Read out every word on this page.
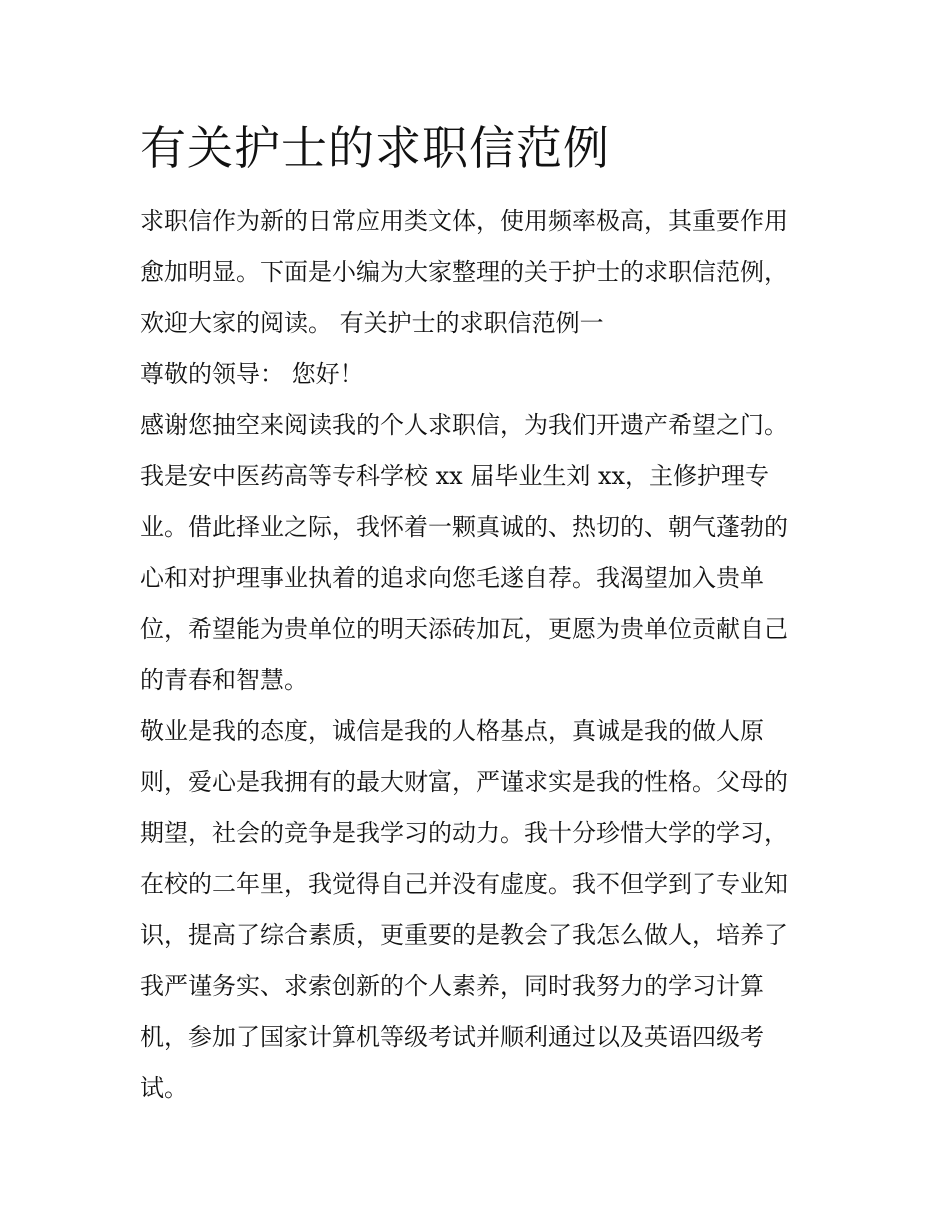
有关护士的求职信范例
求职信作为新的日常应用类文体，使用频率极高，其重要作用
愈加明显。下面是小编为大家整理的关于护士的求职信范例，
欢迎大家的阅读。 有关护士的求职信范例一
尊敬的领导： 您好！
感谢您抽空来阅读我的个人求职信，为我们开遗产希望之门。
我是安中医药高等专科学校 xx 届毕业生刘 xx，主修护理专
业。借此择业之际，我怀着一颗真诚的、热切的、朝气蓬勃的
心和对护理事业执着的追求向您毛遂自荐。我渴望加入贵单
位，希望能为贵单位的明天添砖加瓦，更愿为贵单位贡献自己
的青春和智慧。
敬业是我的态度，诚信是我的人格基点，真诚是我的做人原
则，爱心是我拥有的最大财富，严谨求实是我的性格。父母的
期望，社会的竞争是我学习的动力。我十分珍惜大学的学习，
在校的二年里，我觉得自己并没有虚度。我不但学到了专业知
识，提高了综合素质，更重要的是教会了我怎么做人，培养了
我严谨务实、求索创新的个人素养，同时我努力的学习计算
机，参加了国家计算机等级考试并顺利通过以及英语四级考
试。
